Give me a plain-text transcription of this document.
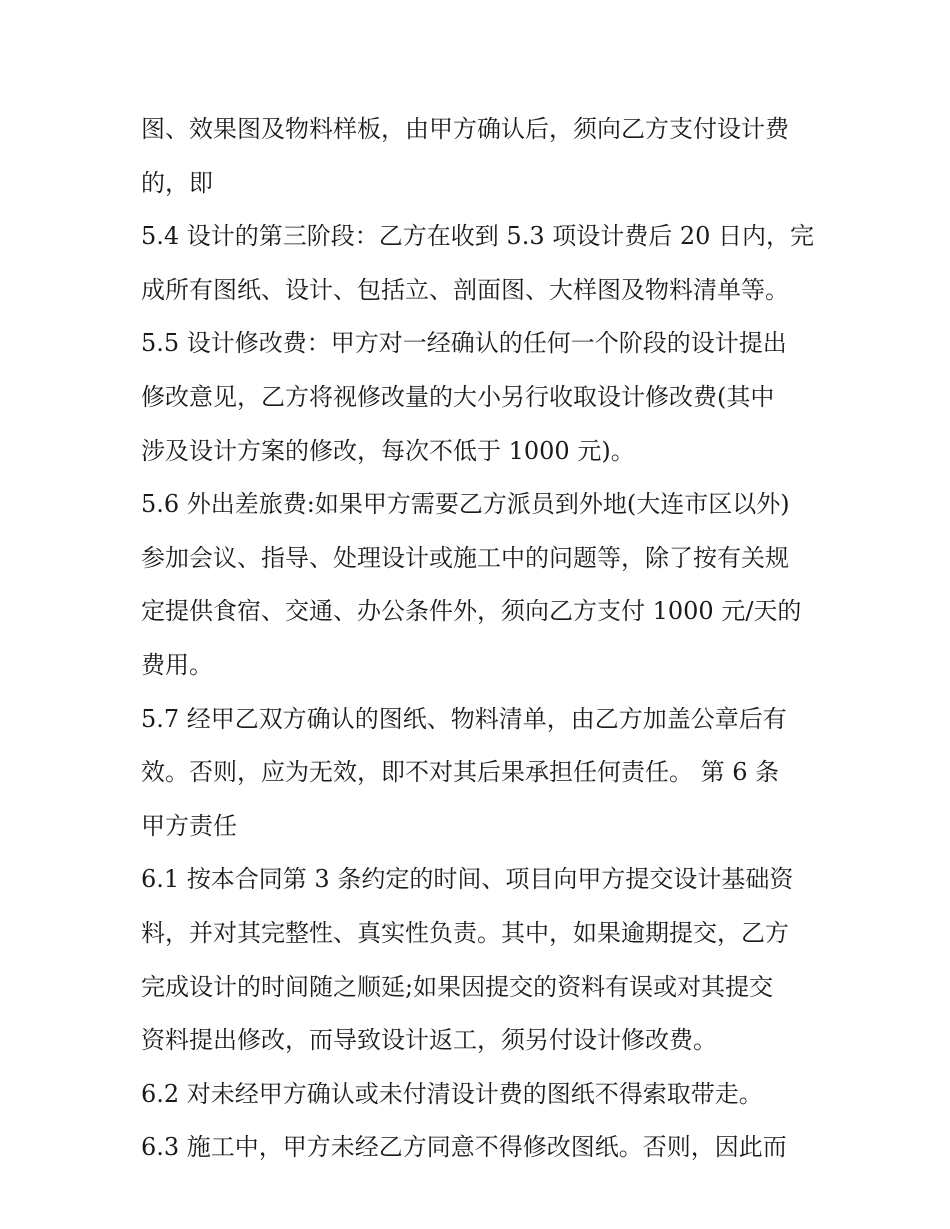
图、效果图及物料样板，由甲方确认后，须向乙方支付设计费
的，即
5.4 设计的第三阶段：乙方在收到 5.3 项设计费后 20 日内，完
成所有图纸、设计、包括立、剖面图、大样图及物料清单等。
5.5 设计修改费：甲方对一经确认的任何一个阶段的设计提出
修改意见，乙方将视修改量的大小另行收取设计修改费(其中
涉及设计方案的修改，每次不低于 1000 元)。
5.6 外出差旅费:如果甲方需要乙方派员到外地(大连市区以外)
参加会议、指导、处理设计或施工中的问题等，除了按有关规
定提供食宿、交通、办公条件外，须向乙方支付 1000 元/天的
费用。
5.7 经甲乙双方确认的图纸、物料清单，由乙方加盖公章后有
效。否则，应为无效，即不对其后果承担任何责任。 第 6 条
甲方责任
6.1 按本合同第 3 条约定的时间、项目向甲方提交设计基础资
料，并对其完整性、真实性负责。其中，如果逾期提交，乙方
完成设计的时间随之顺延;如果因提交的资料有误或对其提交
资料提出修改，而导致设计返工，须另付设计修改费。
6.2 对未经甲方确认或未付清设计费的图纸不得索取带走。
6.3 施工中，甲方未经乙方同意不得修改图纸。否则，因此而
